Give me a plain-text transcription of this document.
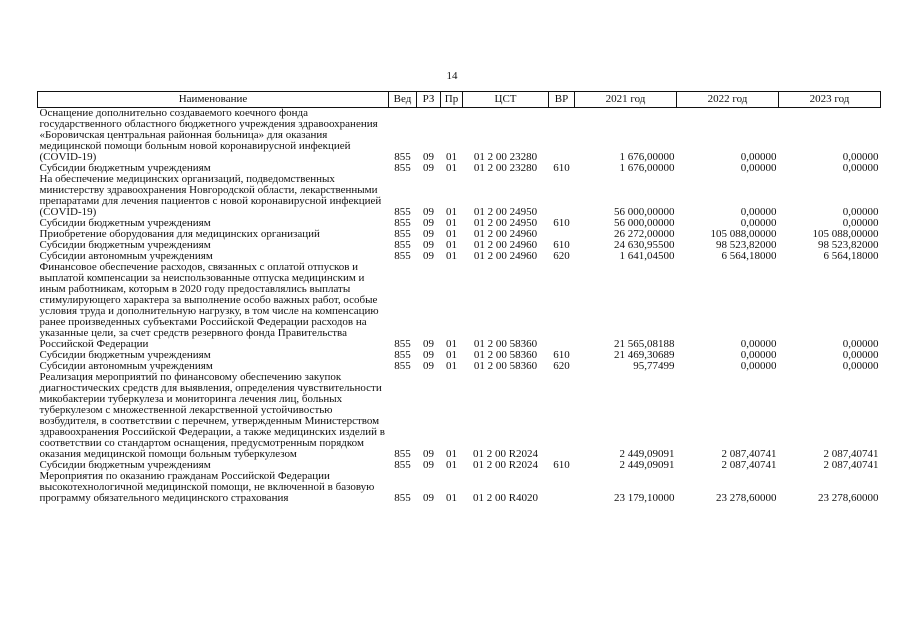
14
Наименование	Вед	РЗ	Пр	ЦСТ	ВР	2021 год	2022 год	2023 год
Оснащение дополнительно создаваемого коечного фонда государственного областного бюджетного учреждения здравоохранения «Боровичская центральная районная больница» для оказания медицинской помощи больным новой коронавирусной инфекцией (COVID-19)	855	09	01	01 2 00 23280		1 676,00000	0,00000	0,00000
Субсидии бюджетным учреждениям	855	09	01	01 2 00 23280	610	1 676,00000	0,00000	0,00000
На обеспечение медицинских организаций, подведомственных министерству здравоохранения Новгородской области, лекарственными препаратами для лечения пациентов с новой коронавирусной инфекцией (COVID-19)	855	09	01	01 2 00 24950		56 000,00000	0,00000	0,00000
Субсидии бюджетным учреждениям	855	09	01	01 2 00 24950	610	56 000,00000	0,00000	0,00000
Приобретение оборудования для медицинских организаций	855	09	01	01 2 00 24960		26 272,00000	105 088,00000	105 088,00000
Субсидии бюджетным учреждениям	855	09	01	01 2 00 24960	610	24 630,95500	98 523,82000	98 523,82000
Субсидии автономным учреждениям	855	09	01	01 2 00 24960	620	1 641,04500	6 564,18000	6 564,18000
Финансовое обеспечение расходов, связанных с оплатой отпусков и выплатой компенсации за неиспользованные отпуска медицинским и иным работникам, которым в 2020 году предоставлялись выплаты стимулирующего характера за выполнение особо важных работ, особые условия труда и дополнительную нагрузку, в том числе на компенсацию ранее произведенных субъектами Российской Федерации расходов на указанные цели, за счет средств резервного фонда Правительства Российской Федерации	855	09	01	01 2 00 58360		21 565,08188	0,00000	0,00000
Субсидии бюджетным учреждениям	855	09	01	01 2 00 58360	610	21 469,30689	0,00000	0,00000
Субсидии автономным учреждениям	855	09	01	01 2 00 58360	620	95,77499	0,00000	0,00000
Реализация мероприятий по финансовому обеспечению закупок диагностических средств для выявления, определения чувствительности микобактерии туберкулеза и мониторинга лечения лиц, больных туберкулезом с множественной лекарственной устойчивостью возбудителя, в соответствии с перечнем, утвержденным Министерством здравоохранения Российской Федерации, а также медицинских изделий в соответствии со стандартом оснащения, предусмотренным порядком оказания медицинской помощи больным туберкулезом	855	09	01	01 2 00 R2024		2 449,09091	2 087,40741	2 087,40741
Субсидии бюджетным учреждениям	855	09	01	01 2 00 R2024	610	2 449,09091	2 087,40741	2 087,40741
Мероприятия по оказанию гражданам Российской Федерации высокотехнологичной медицинской помощи, не включенной в базовую программу обязательного медицинского страхования	855	09	01	01 2 00 R4020		23 179,10000	23 278,60000	23 278,60000
